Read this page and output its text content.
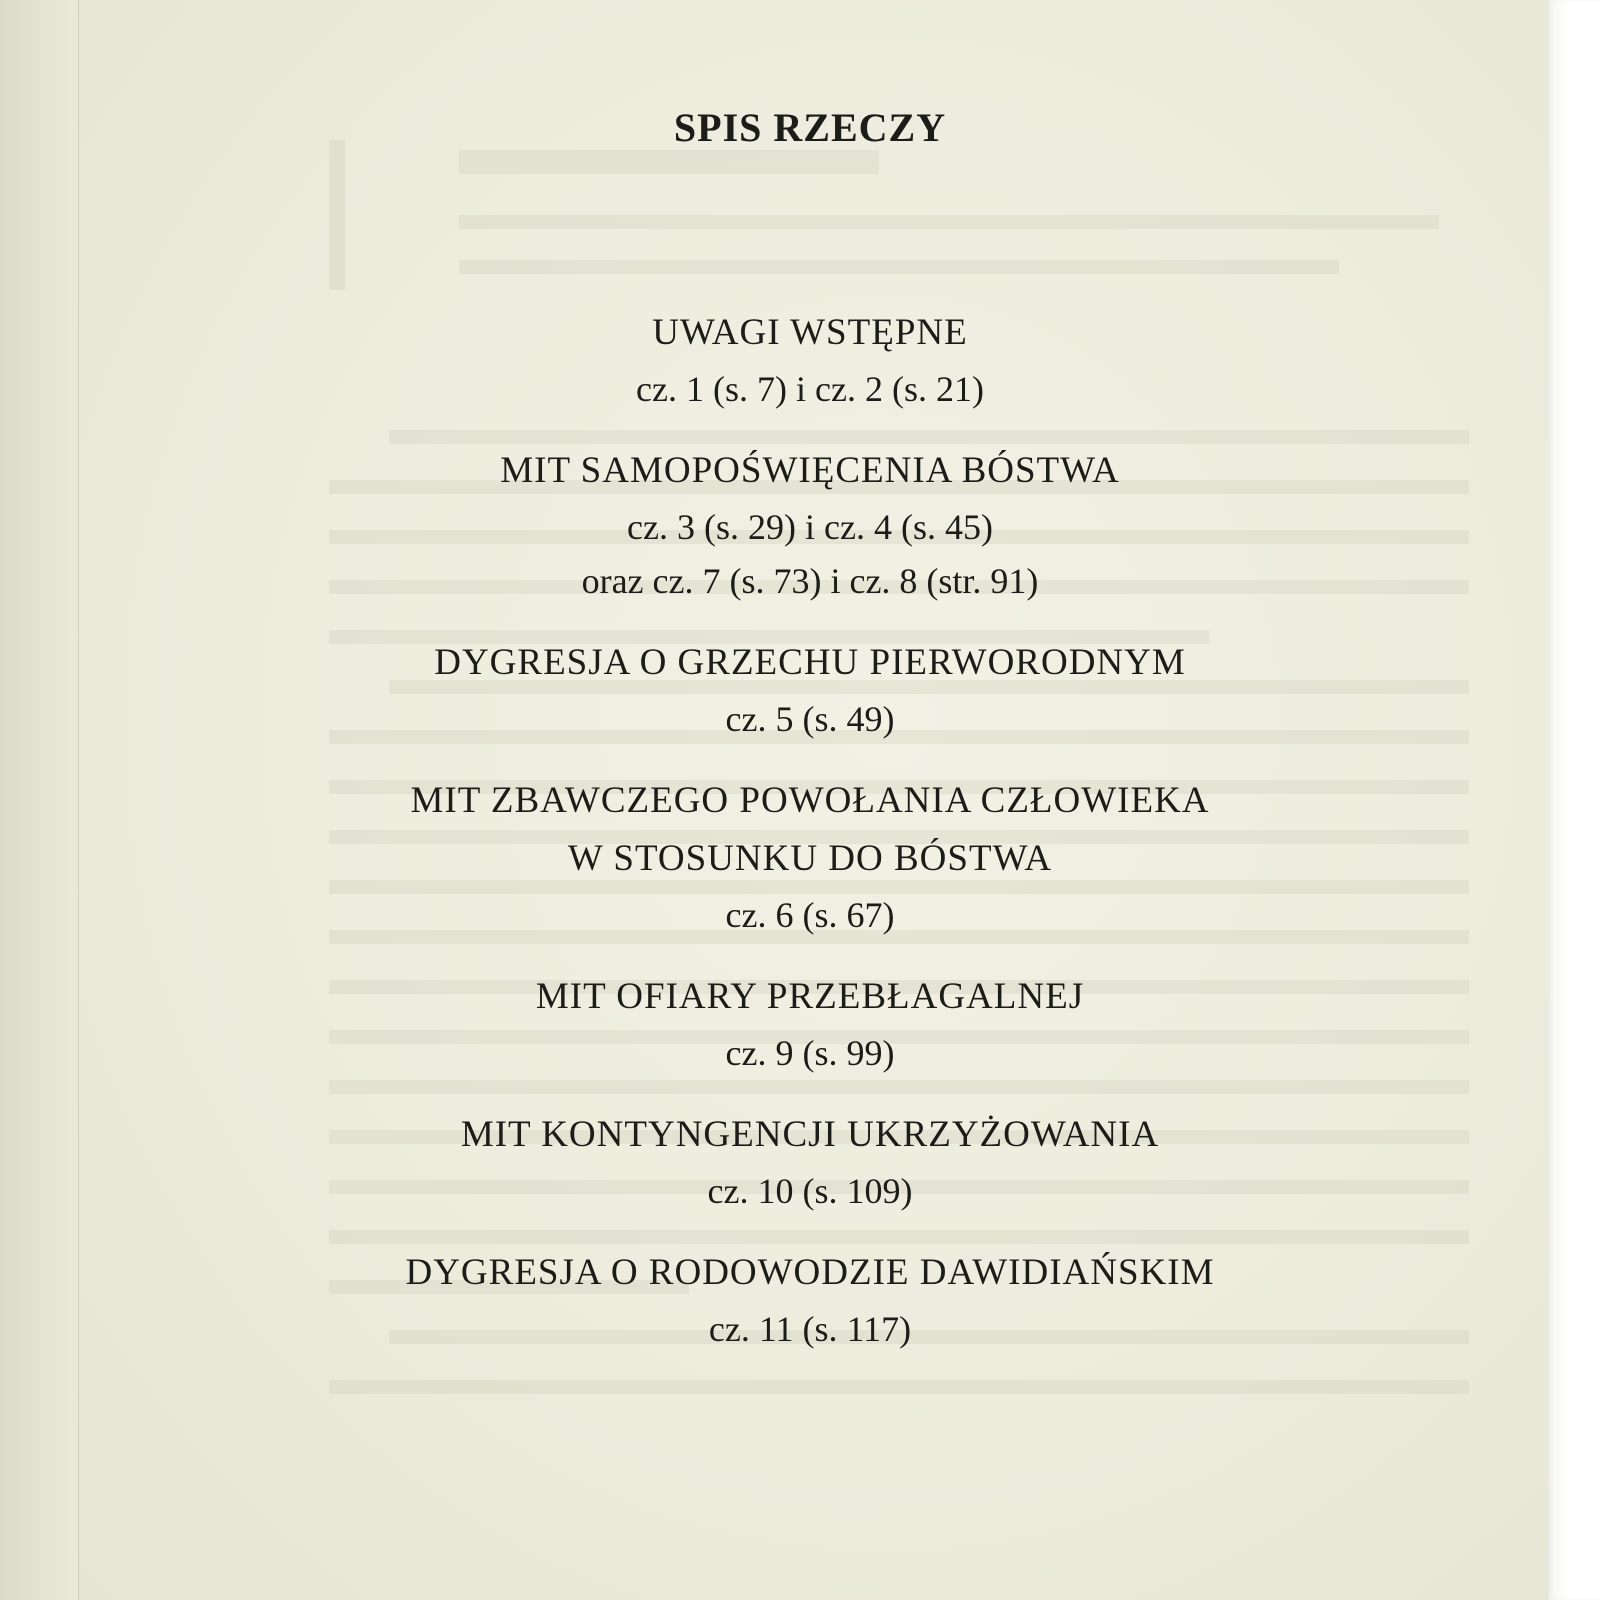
SPIS RZECZY
UWAGI WSTĘPNE
cz. 1 (s. 7) i cz. 2 (s. 21)
MIT SAMOPOŚWIĘCENIA BÓSTWA
cz. 3 (s. 29) i cz. 4 (s. 45)
oraz cz. 7 (s. 73) i cz. 8 (str. 91)
DYGRESJA O GRZECHU PIERWORODNYM
cz. 5 (s. 49)
MIT ZBAWCZEGO POWOŁANIA CZŁOWIEKA
W STOSUNKU DO BÓSTWA
cz. 6 (s. 67)
MIT OFIARY PRZEBŁAGALNEJ
cz. 9 (s. 99)
MIT KONTYNGENCJI UKRZYŻOWANIA
cz. 10 (s. 109)
DYGRESJA O RODOWODZIE DAWIDIAŃSKIM
cz. 11 (s. 117)
